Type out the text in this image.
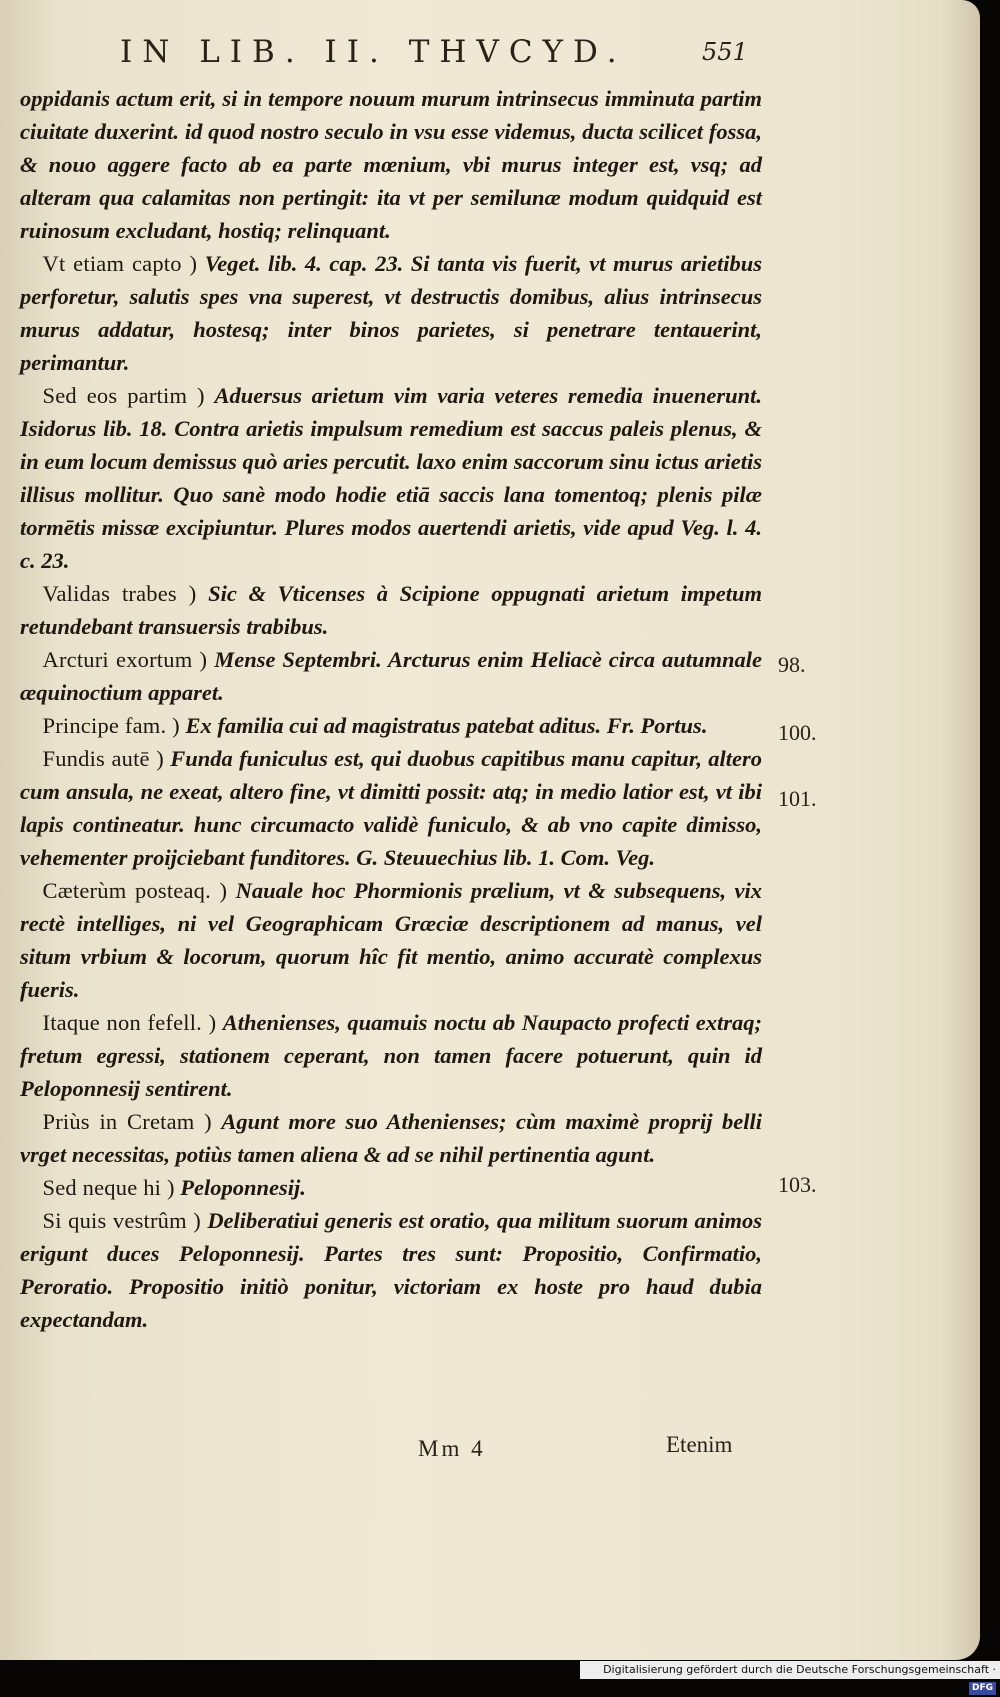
IN LIB. II. THVCYD.	551

oppidanis actum erit, si in tempore nouum murum intrinsecus imminuta partim ciuitate duxerint. id quod nostro seculo in vsu esse videmus, ducta scilicet fossa, & nouo aggere facto ab ea parte mœnium, vbi murus integer est, vsq; ad alteram qua calamitas non pertingit: ita vt per semilunæ modum quidquid est ruinosum excludant, hostiq; relinquant.

 Vt etiam capto ) Veget. lib. 4. cap. 23. Si tanta vis fuerit, vt murus arietibus perforetur, salutis spes vna superest, vt destructis domibus, alius intrinsecus murus addatur, hostesq; inter binos parietes, si penetrare tentauerint, perimantur.

 Sed eos partim ) Aduersus arietum vim varia veteres remedia inuenerunt. Isidorus lib. 18. Contra arietis impulsum remedium est saccus paleis plenus, & in eum locum demissus quò aries percutit. laxo enim saccorum sinu ictus arietis illisus mollitur. Quo sanè modo hodie etiā saccis lana tomentoq; plenis pilæ tormētis missæ excipiuntur. Plures modos auertendi arietis, vide apud Veg. l. 4. c. 23.

 Validas trabes ) Sic & Vticenses à Scipione oppugnati arietum impetum retundebant transuersis trabibus.

 Arcturi exortum ) Mense Septembri. Arcturus enim Heliacè circa autumnale æquinoctium apparet.

 Principe fam. ) Ex familia cui ad magistratus patebat aditus. Fr. Portus.

 Fundis autē ) Funda funiculus est, qui duobus capitibus manu capitur, altero cum ansula, ne exeat, altero fine, vt dimitti possit: atq; in medio latior est, vt ibi lapis contineatur. hunc circumacto validè funiculo, & ab vno capite dimisso, vehementer proijciebant funditores. G. Steuuechius lib. 1. Com. Veg.

 Cæterùm posteaq. ) Nauale hoc Phormionis prælium, vt & subsequens, vix rectè intelliges, ni vel Geographicam Græciæ descriptionem ad manus, vel situm vrbium & locorum, quorum hîc fit mentio, animo accuratè complexus fueris.

 Itaque non fefell. ) Athenienses, quamuis noctu ab Naupacto profecti extraq; fretum egressi, stationem ceperant, non tamen facere potuerunt, quin id Peloponnesij sentirent.

 Priùs in Cretam ) Agunt more suo Athenienses; cùm maximè proprij belli vrget necessitas, potiùs tamen aliena & ad se nihil pertinentia agunt.

 Sed neque hi ) Peloponnesij.

 Si quis vestrûm ) Deliberatiui generis est oratio, qua militum suorum animos erigunt duces Peloponnesij. Partes tres sunt: Propositio, Confirmatio, Peroratio. Propositio initiò ponitur, victoriam ex hoste pro haud dubia expectandam.

98.
100.
101.
103.
Mm 4	Etenim
Digitalisierung gefördert durch die Deutsche Forschungsgemeinschaft ·DFG
